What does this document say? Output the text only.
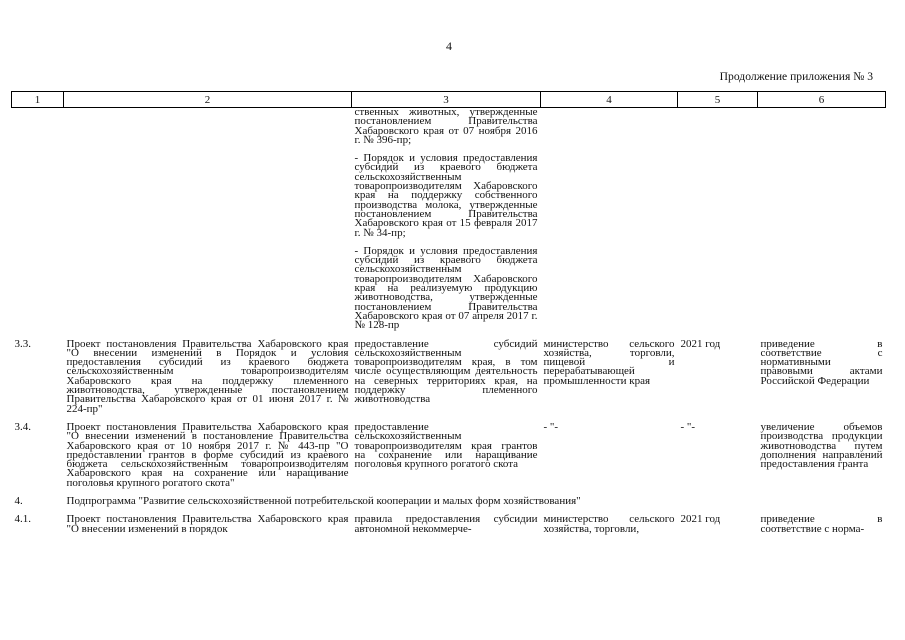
4
Продолжение приложения № 3
1	2	3	4	5	6

		ственных животных, утвержденные постановлением Правительства Хабаровского края от 07 ноября 2016 г. № 396-пр;
- Порядок и условия предоставления субсидий из краевого бюджета сельскохозяйственным товаропроизводителям Хабаровского края на поддержку собственного производства молока, утвержденные постановлением Правительства Хабаровского края от 15 февраля 2017 г. № 34-пр;
- Порядок и условия предоставления субсидий из краевого бюджета сельскохозяйственным товаропроизводителям Хабаровского края на реализуемую продукцию животноводства, утвержденные постановлением Правительства Хабаровского края от 07 апреля 2017 г. № 128-пр			

3.3.	Проект постановления Правительства Хабаровского края "О внесении изменений в Порядок и условия предоставления субсидий из краевого бюджета сельскохозяйственным товаропроизводителям Хабаровского края на поддержку племенного животноводства, утвержденные постановлением Правительства Хабаровского края от 01 июня 2017 г. № 224-пр"	предоставление субсидий сельскохозяйственным товаропроизводителям края, в том числе осуществляющим деятельность на северных территориях края, на поддержку племенного животноводства	министерство сельского хозяйства, торговли, пищевой и перерабатывающей промышленности края	2021 год	приведение в соответствие с нормативными правовыми актами Российской Федерации

3.4.	Проект постановления Правительства Хабаровского края "О внесении изменений в постановление Правительства Хабаровского края от 10 ноября 2017 г. № 443-пр "О предоставлении грантов в форме субсидий из краевого бюджета сельскохозяйственным товаропроизводителям Хабаровского края на сохранение или наращивание поголовья крупного рогатого скота"	предоставление сельскохозяйственным товаропроизводителям края грантов на сохранение или наращивание поголовья крупного рогатого скота	- "-	- "-	увеличение объемов производства продукции животноводства путем дополнения направлений предоставления гранта

4.	Подпрограмма "Развитие сельскохозяйственной потребительской кооперации и малых форм хозяйствования"				

4.1.	Проект постановления Правительства Хабаровского края "О внесении изменений в порядок	правила предоставления субсидии автономной некоммерче-	министерство сельского хозяйства, торговли,	2021 год	приведение в соответствие с норма-
